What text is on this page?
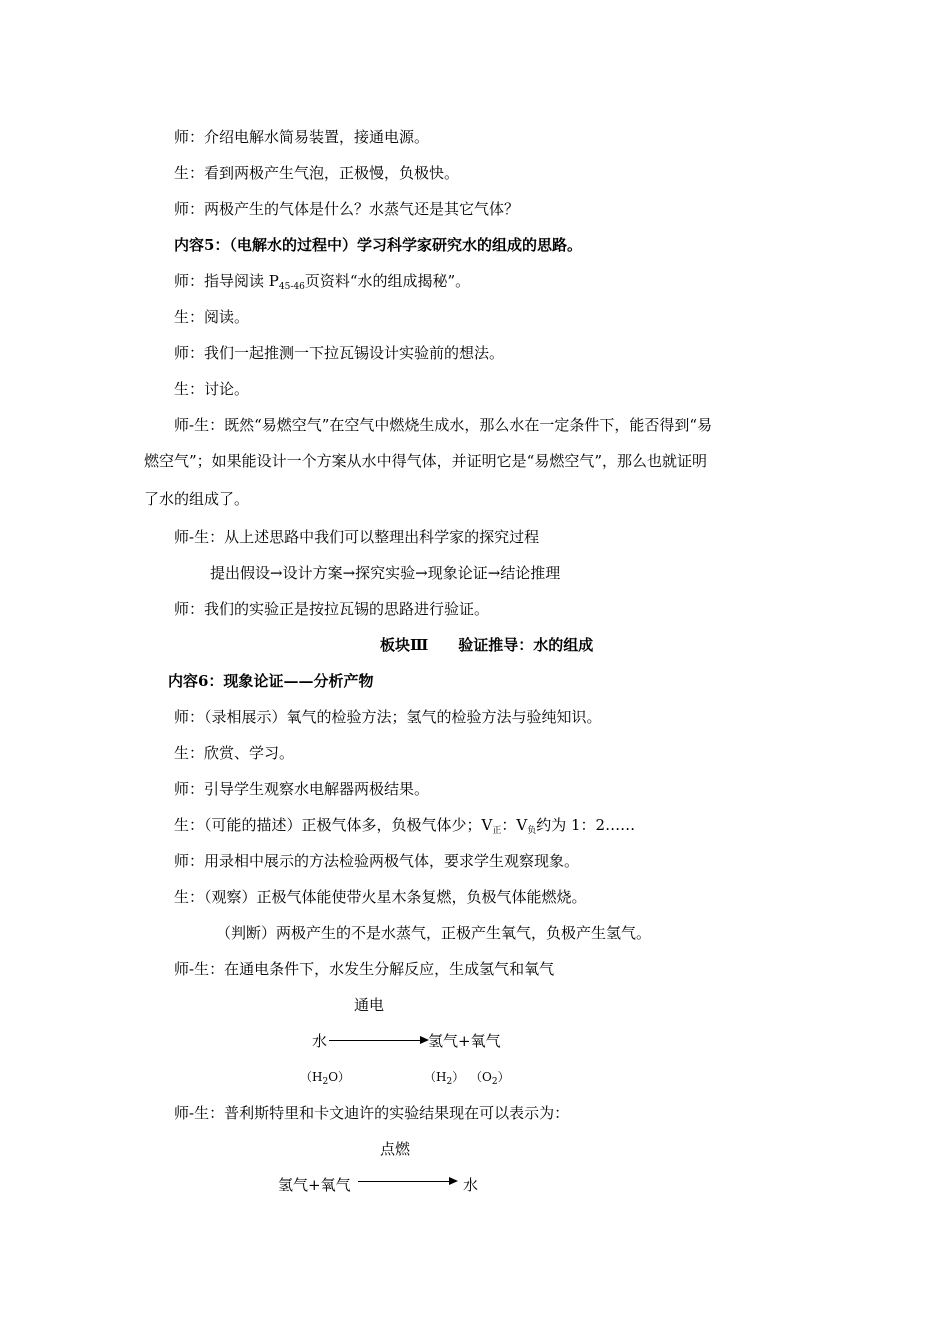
师：介绍电解水简易装置，接通电源。
生：看到两极产生气泡，正极慢，负极快。
师：两极产生的气体是什么？水蒸气还是其它气体？
内容5：（电解水的过程中）学习科学家研究水的组成的思路。
师：指导阅读 $P_{45-46}$页资料“水的组成揭秘”。
生：阅读。
师：我们一起推测一下拉瓦锡设计实验前的想法。
生：讨论。
师-生：既然“易燃空气”在空气中燃烧生成水，那么水在一定条件下，能否得到“易
燃空气”；如果能设计一个方案从水中得气体，并证明它是“易燃空气”，那么也就证明
了水的组成了。
师-生：从上述思路中我们可以整理出科学家的探究过程
提出假设→设计方案→探究实验→现象论证→结论推理
师：我们的实验正是按拉瓦锡的思路进行验证。
板块Ⅲ　　验证推导：水的组成
内容6：现象论证——分析产物
师：（录相展示）氧气的检验方法；氢气的检验方法与验纯知识。
生：欣赏、学习。
师：引导学生观察水电解器两极结果。
生：（可能的描述）正极气体多，负极气体少；$V_正$：$V_负$约为 1：2……
师：用录相中展示的方法检验两极气体，要求学生观察现象。
生：（观察）正极气体能使带火星木条复燃，负极气体能燃烧。
（判断）两极产生的不是水蒸气，正极产生氧气，负极产生氢气。
师-生：在通电条件下，水发生分解反应，生成氢气和氧气
通电
水	氢气+氧气
$(H_2O)$	$(H_2)$ $(O_2)$
师-生：普利斯特里和卡文迪许的实验结果现在可以表示为：
点燃
氢气+氧气	水
